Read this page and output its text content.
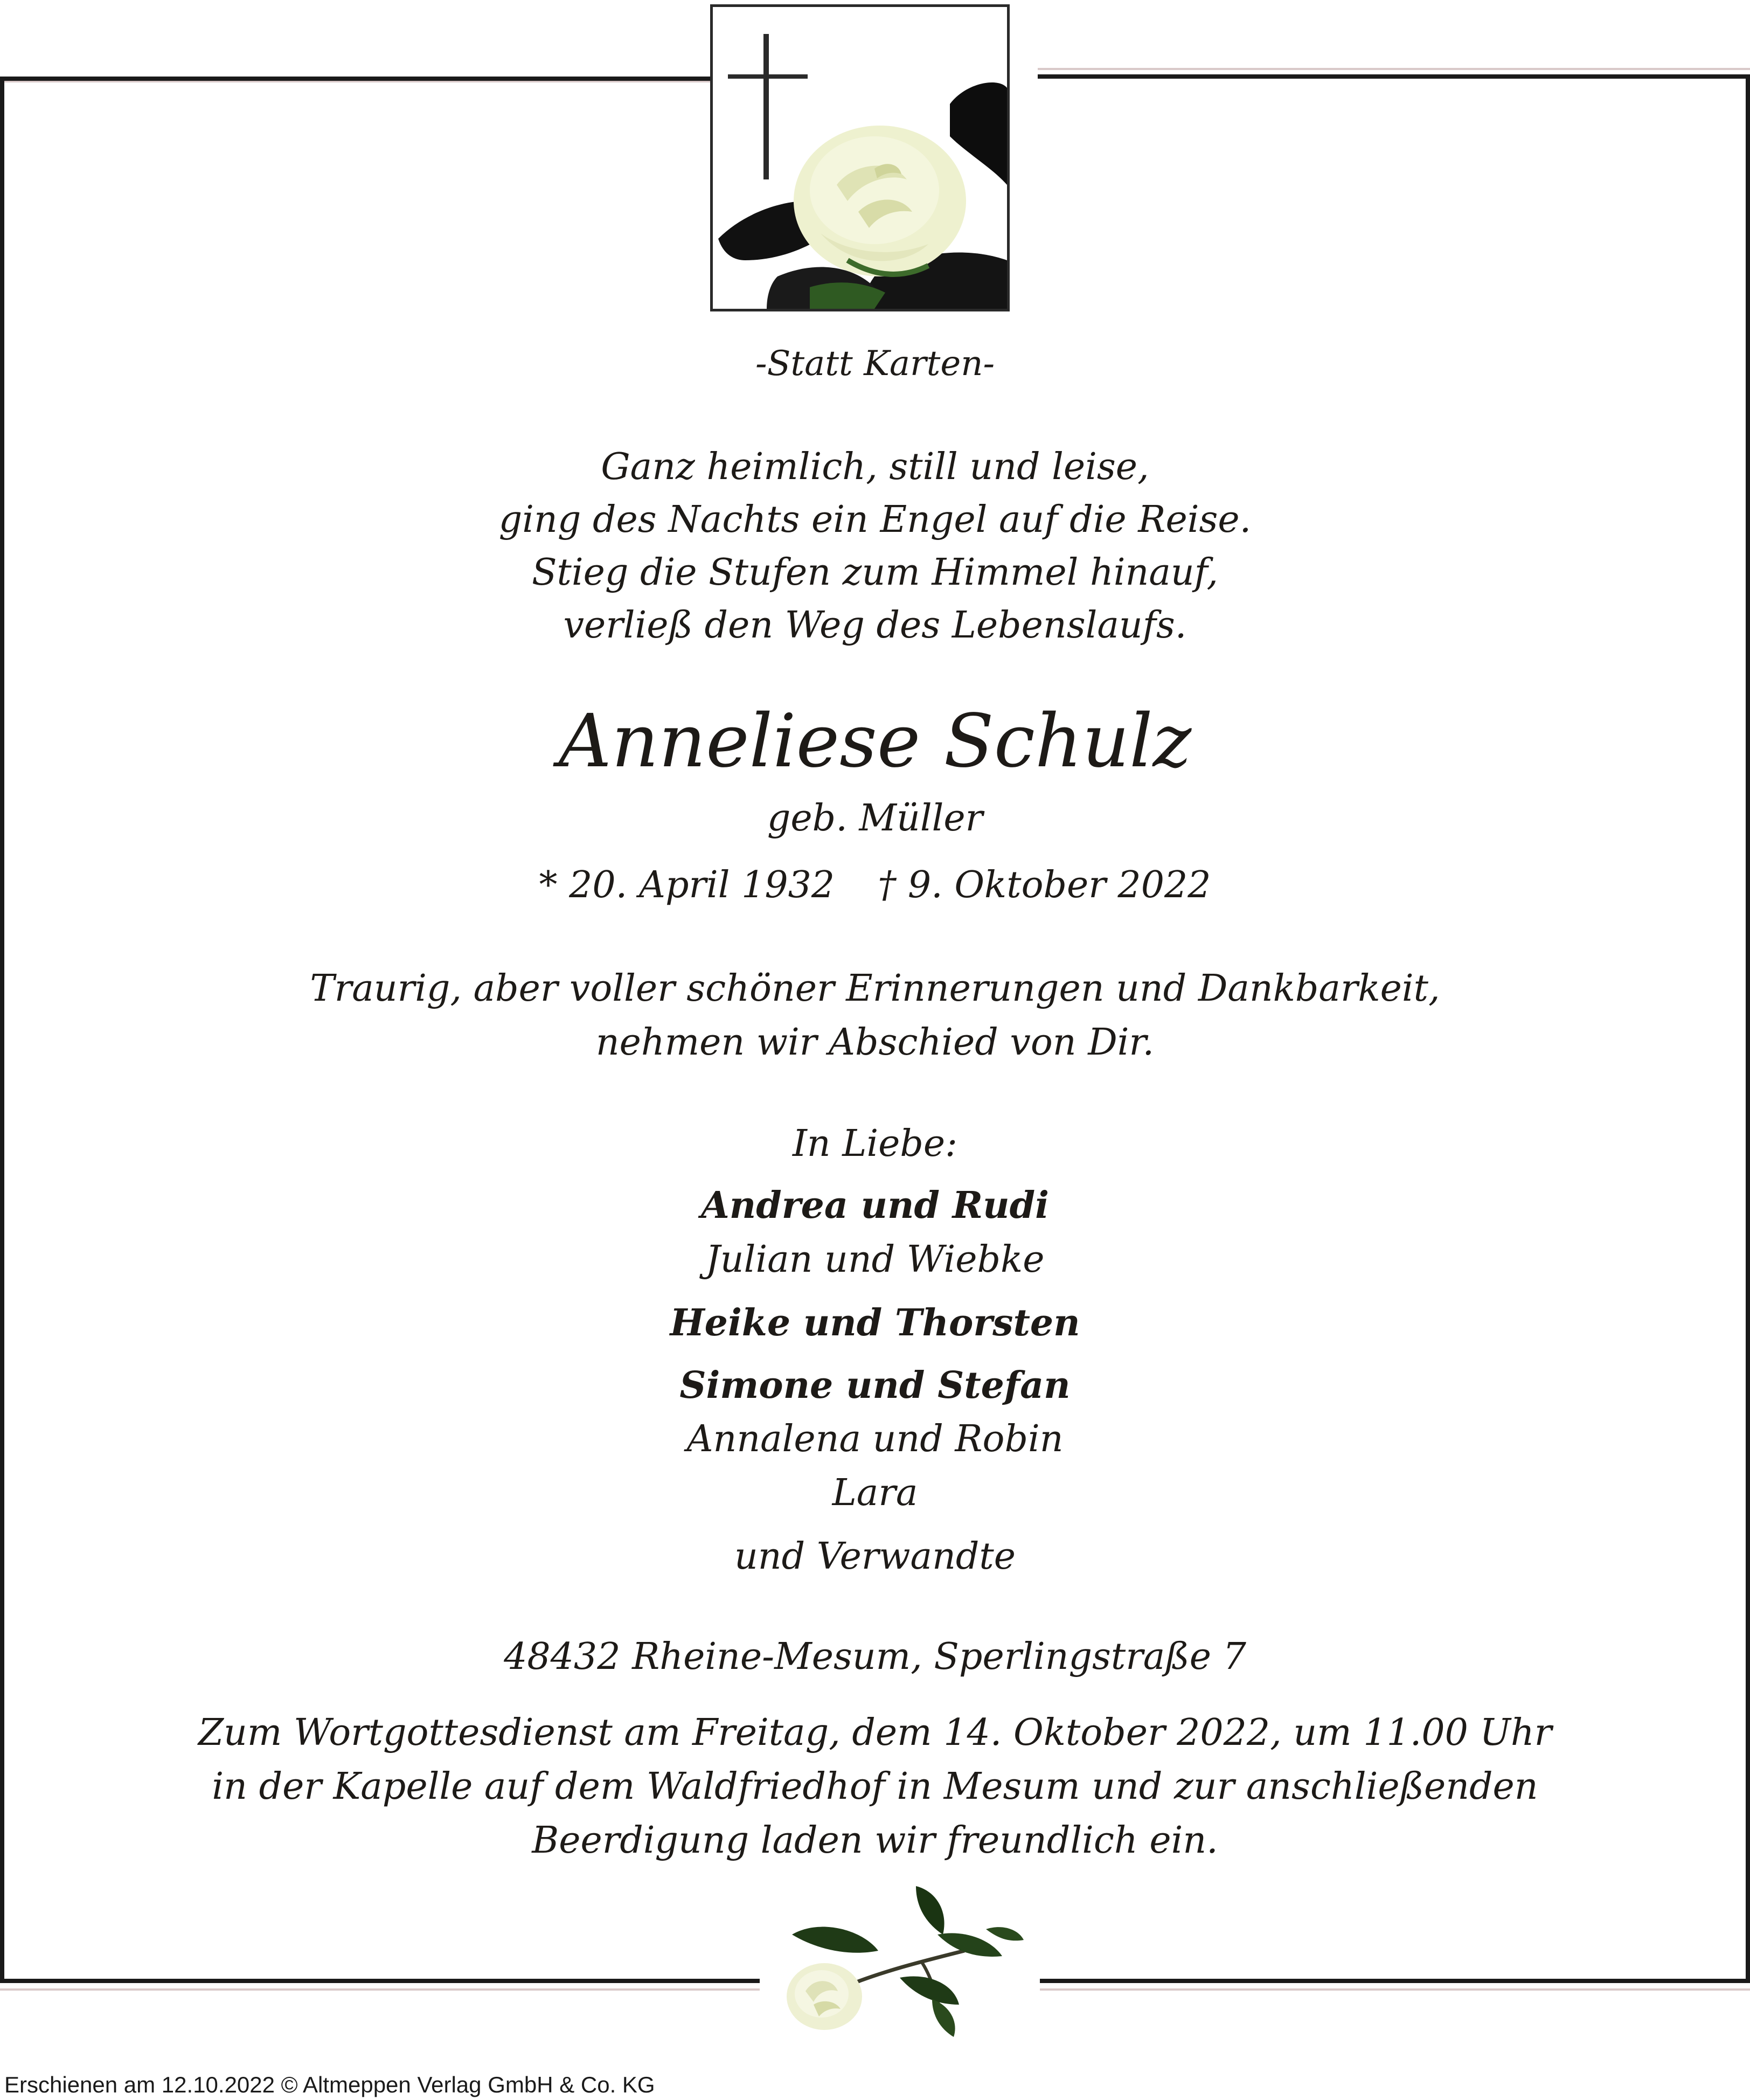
-Statt Karten-
Ganz heimlich, still und leise,
ging des Nachts ein Engel auf die Reise.
Stieg die Stufen zum Himmel hinauf,
verließ den Weg des Lebenslaufs.
Anneliese Schulz
geb. Müller
* 20. April 1932 † 9. Oktober 2022
Traurig, aber voller schöner Erinnerungen und Dankbarkeit,
nehmen wir Abschied von Dir.
In Liebe:
Andrea und Rudi
Julian und Wiebke
Heike und Thorsten
Simone und Stefan
Annalena und Robin
Lara
und Verwandte
48432 Rheine-Mesum, Sperlingstraße 7
Zum Wortgottesdienst am Freitag, dem 14. Oktober 2022, um 11.00 Uhr
in der Kapelle auf dem Waldfriedhof in Mesum und zur anschließenden
Beerdigung laden wir freundlich ein.
Erschienen am 12.10.2022 © Altmeppen Verlag GmbH & Co. KG
